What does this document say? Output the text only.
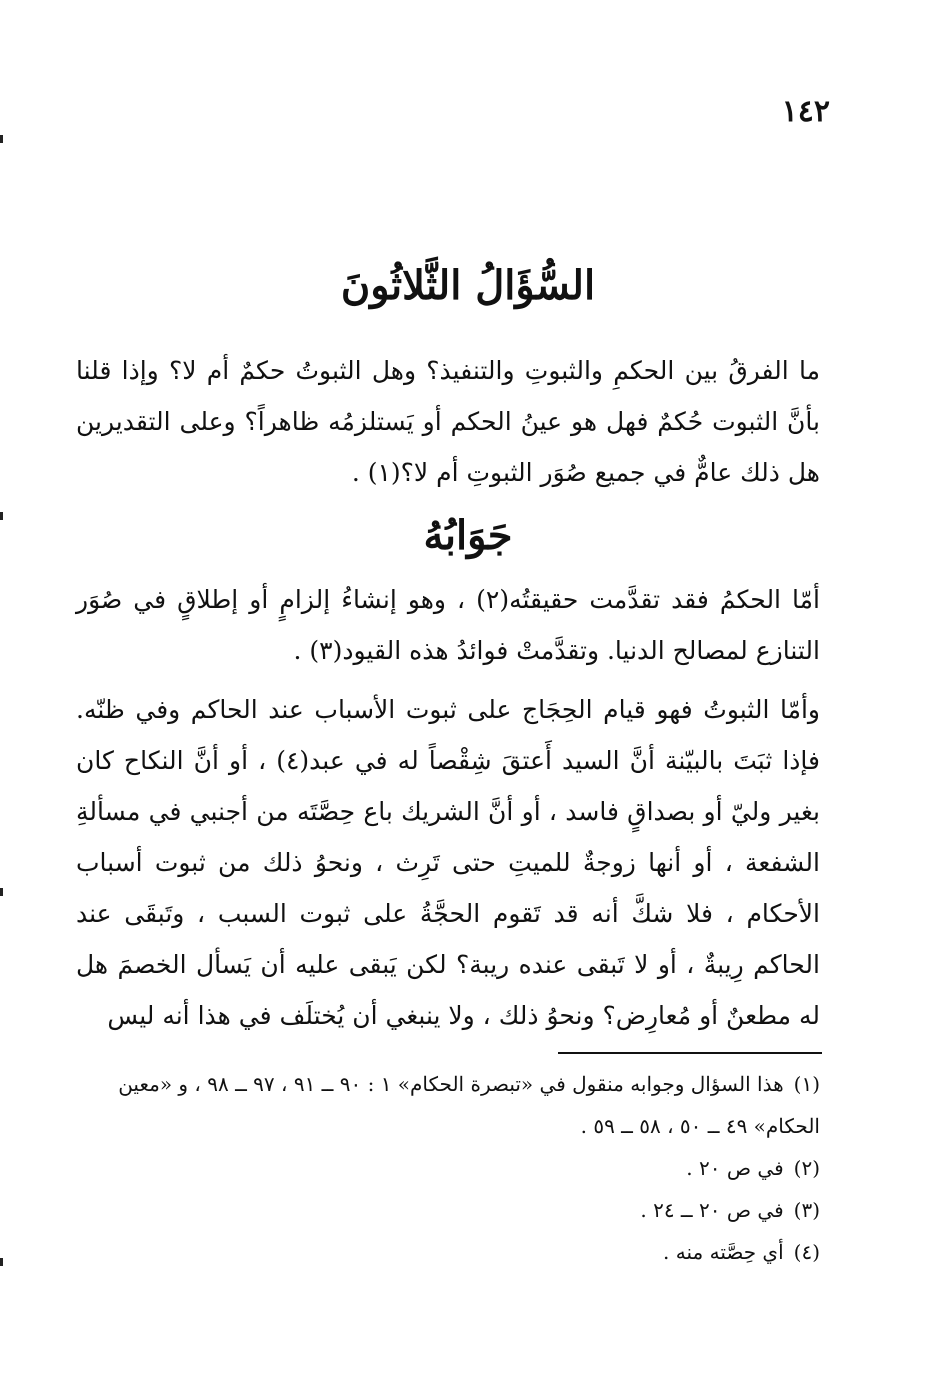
١٤٢
السُّؤَالُ الثَّلاثُونَ
ما الفرقُ بين الحكمِ والثبوتِ والتنفيذ؟ وهل الثبوتُ حكمٌ أم لا؟ وإذا قلنا بأنَّ الثبوت حُكمٌ فهل هو عينُ الحكم أو يَستلزمُه ظاهراً؟ وعلى التقديرين هل ذلك عامٌّ في جميع صُوَر الثبوتِ أم لا؟(١) .
جَوَابُهُ
أمّا الحكمُ فقد تقدَّمت حقيقتُه(٢) ، وهو إنشاءُ إلزامٍ أو إطلاقٍ في صُوَر التنازع لمصالح الدنيا. وتقدَّمتْ فوائدُ هذه القيود(٣) .
وأمّا الثبوتُ فهو قيام الحِجَاج على ثبوت الأسباب عند الحاكم وفي ظنّه. فإذا ثبَتَ بالبيّنة أنَّ السيد أَعتقَ شِقْصاً له في عبد(٤) ، أو أنَّ النكاح كان بغير وليّ أو بصداقٍ فاسد ، أو أنَّ الشريك باع حِصَّتَه من أجنبي في مسألةِ الشفعة ، أو أنها زوجةٌ للميتِ حتى تَرِث ، ونحوُ ذلك من ثبوت أسباب الأحكام ، فلا شكَّ أنه قد تَقوم الحجَّةُ على ثبوت السبب ، وتَبقَى عند الحاكم رِيبةٌ ، أو لا تَبقى عنده ريبة؟ لكن يَبقى عليه أن يَسأل الخصمَ هل له مطعنٌ أو مُعارِض؟ ونحوُ ذلك ، ولا ينبغي أن يُختلَف في هذا أنه ليس

(١)هذا السؤال وجوابه منقول في «تبصرة الحكام» ١ : ٩٠ ــ ٩١ ، ٩٧ ــ ٩٨ ، و «معين الحكام» ٤٩ ــ ٥٠ ، ٥٨ ــ ٥٩ .

(٢)في ص ٢٠ .

(٣)في ص ٢٠ ــ ٢٤ .

(٤)أي حِصَّته منه .
